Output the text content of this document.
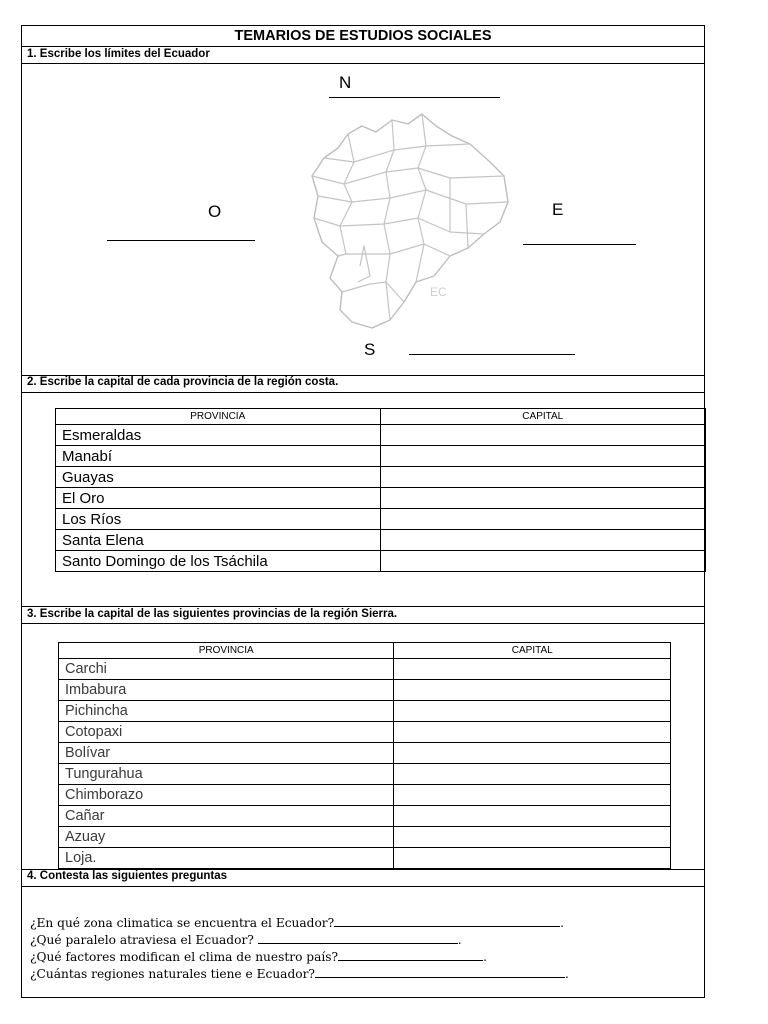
TEMARIOS DE ESTUDIOS SOCIALES
1. Escribe los límites del Ecuador
N
O	E
S
EC
2. Escribe la capital de cada provincia de la región costa.
PROVINCIA	CAPITAL
Esmeraldas	
Manabí	
Guayas	
El Oro	
Los Ríos	
Santa Elena	
Santo Domingo de los Tsáchila	
3. Escribe la capital de las siguientes provincias de la región Sierra.
PROVINCIA	CAPITAL
Carchi	
Imbabura	
Pichincha	
Cotopaxi	
Bolívar	
Tungurahua	
Chimborazo	
Cañar	
Azuay	
Loja.	
4. Contesta las siguientes preguntas
¿En qué zona climatica se encuentra el Ecuador?	.
¿Qué paralelo atraviesa el Ecuador?	.
¿Qué factores modifican el clima de nuestro país?	.
¿Cuántas regiones naturales tiene e Ecuador?	.
